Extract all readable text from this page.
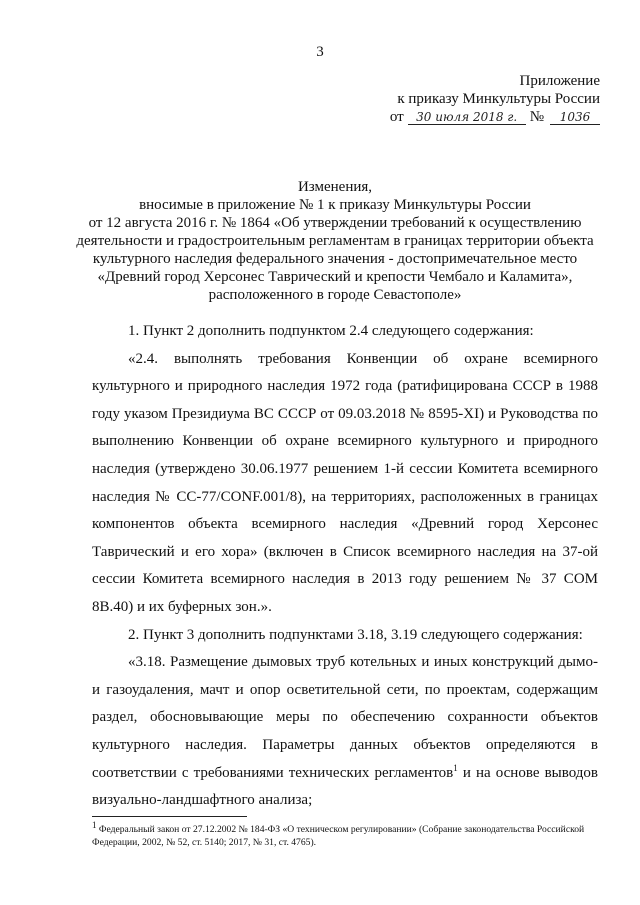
3
Приложение
к приказу Минкультуры России
от 30 июля 2018 г. № 1036
Изменения,
вносимые в приложение № 1 к приказу Минкультуры России
от 12 августа 2016 г. № 1864 «Об утверждении требований к осуществлению деятельности и градостроительным регламентам в границах территории объекта культурного наследия федерального значения - достопримечательное место «Древний город Херсонес Таврический и крепости Чембало и Каламита», расположенного в городе Севастополе»

1. Пункт 2 дополнить подпунктом 2.4 следующего содержания:

«2.4. выполнять требования Конвенции об охране всемирного культурного и природного наследия 1972 года (ратифицирована СССР в 1988 году указом Президиума ВС СССР от 09.03.2018 № 8595-XI) и Руководства по выполнению Конвенции об охране всемирного культурного и природного наследия (утверждено 30.06.1977 решением 1-й сессии Комитета всемирного наследия № CC-77/CONF.001/8), на территориях, расположенных в границах компонентов объекта всемирного наследия «Древний город Херсонес Таврический и его хора» (включен в Список всемирного наследия на 37-ой сессии Комитета всемирного наследия в 2013 году решением № 37 COM 8B.40) и их буферных зон.».

2. Пункт 3 дополнить подпунктами 3.18, 3.19 следующего содержания:

«3.18. Размещение дымовых труб котельных и иных конструкций дымо- и газоудаления, мачт и опор осветительной сети, по проектам, содержащим раздел, обосновывающие меры по обеспечению сохранности объектов культурного наследия. Параметры данных объектов определяются в соответствии с требованиями технических регламентов$^1$ и на основе выводов визуально-ландшафтного анализа;

$^1$ Федеральный закон от 27.12.2002 № 184-ФЗ «О техническом регулировании» (Собрание законодательства Российской Федерации, 2002, № 52, ст. 5140; 2017, № 31, ст. 4765).
